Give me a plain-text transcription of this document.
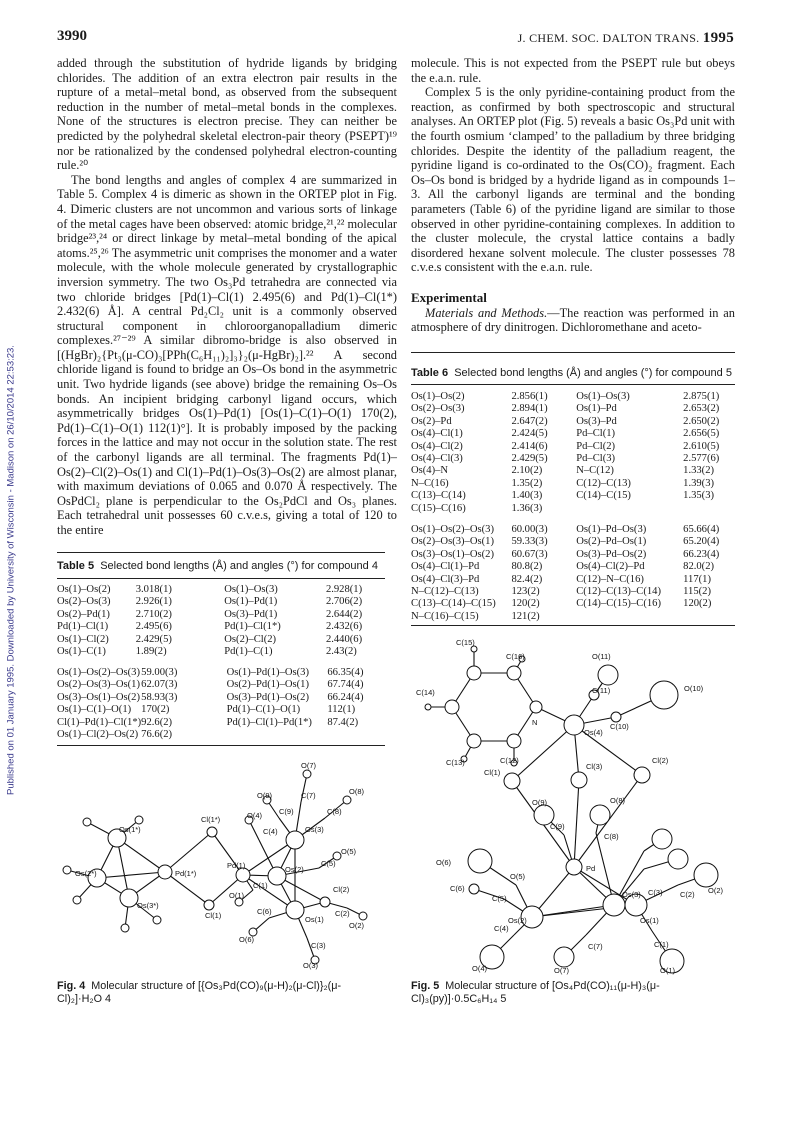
Published on 01 January 1995. Downloaded by University of Wisconsin - Madison on 26/10/2014 22:53:23.
3990	J. CHEM. SOC. DALTON TRANS. 1995

added through the substitution of hydride ligands by bridging chlorides. The addition of an extra electron pair results in the rupture of a metal–metal bond, as observed from the subsequent reduction in the number of metal–metal bonds in the complexes. None of the structures is electron precise. They can neither be predicted by the polyhedral skeletal electron-pair theory (PSEPT)¹⁹ nor be rationalized by the condensed polyhedral electron-counting rule.²⁰

The bond lengths and angles of complex 4 are summarized in Table 5. Complex 4 is dimeric as shown in the ORTEP plot in Fig. 4. Dimeric clusters are not uncommon and various sorts of linkage of the metal cages have been observed: atomic bridge,²¹,²² molecular bridge²³,²⁴ or direct linkage by metal–metal bonding of the apical atoms.²⁵,²⁶ The asymmetric unit comprises the monomer and a water molecule, with the whole molecule generated by crystallographic inversion symmetry. The two Os₃Pd tetrahedra are connected via two chloride bridges [Pd(1)–Cl(1) 2.495(6) and Pd(1)–Cl(1*) 2.432(6) Å]. A central Pd₂Cl₂ unit is a commonly observed structural component in chloroorganopalladium dimeric complexes.²⁷⁻²⁹ A similar dibromo-bridge is also observed in [(HgBr)₂{Pt₃(μ-CO)₃[PPh(C₆H₁₁)₂]₃}₂(μ-HgBr)₂].²² A second chloride ligand is found to bridge an Os–Os bond in the asymmetric unit. Two hydride ligands (see above) bridge the remaining Os–Os bonds. An incipient bridging carbonyl ligand occurs, which asymmetrically bridges Os(1)–Pd(1) [Os(1)–C(1)–O(1) 170(2), Pd(1)–C(1)–O(1) 112(1)°]. It is probably imposed by the packing forces in the lattice and may not occur in the solution state. The rest of the carbonyl ligands are all terminal. The fragments Pd(1)–Os(2)–Cl(2)–Os(1) and Cl(1)–Pd(1)–Os(3)–Os(2) are almost planar, with maximum deviations of 0.065 and 0.070 Å respectively. The OsPdCl₂ plane is perpendicular to the Os₂PdCl and Os₃ planes. Each tetrahedral unit possesses 60 c.v.e.s, giving a total of 120 to the entire

molecule. This is not expected from the PSEPT rule but obeys the e.a.n. rule.

Complex 5 is the only pyridine-containing product from the reaction, as confirmed by both spectroscopic and structural analyses. An ORTEP plot (Fig. 5) reveals a basic Os₃Pd unit with the fourth osmium ‘clamped’ to the palladium by three bridging chlorides. Despite the identity of the palladium reagent, the pyridine ligand is co-ordinated to the Os(CO)₂ fragment. Each Os–Os bond is bridged by a hydride ligand as in compounds 1–3. All the carbonyl ligands are terminal and the bonding parameters (Table 6) of the pyridine ligand are similar to those observed in other pyridine-containing complexes. In addition to the cluster molecule, the crystal lattice contains a badly disordered hexane solvent molecule. The cluster possesses 78 c.v.e.s consistent with the e.a.n. rule.

Experimental

Materials and Methods.—The reaction was performed in an atmosphere of dry dinitrogen. Dichloromethane and aceto-

Table 6 Selected bond lengths (Å) and angles (°) for compound 5
Os(1)–Os(2)	2.856(1)	Os(1)–Os(3)	2.875(1)
Os(2)–Os(3)	2.894(1)	Os(1)–Pd	2.653(2)
Os(2)–Pd	2.647(2)	Os(3)–Pd	2.650(2)
Os(4)–Cl(1)	2.424(5)	Pd–Cl(1)	2.656(5)
Os(4)–Cl(2)	2.414(6)	Pd–Cl(2)	2.610(5)
Os(4)–Cl(3)	2.429(5)	Pd–Cl(3)	2.577(6)
Os(4)–N	2.10(2)	N–C(12)	1.33(2)
N–C(16)	1.35(2)	C(12)–C(13)	1.39(3)
C(13)–C(14)	1.40(3)	C(14)–C(15)	1.35(3)
C(15)–C(16)	1.36(3)		
Os(1)–Os(2)–Os(3)	60.00(3)	Os(1)–Pd–Os(3)	65.66(4)
Os(2)–Os(3)–Os(1)	59.33(3)	Os(2)–Pd–Os(1)	65.20(4)
Os(3)–Os(1)–Os(2)	60.67(3)	Os(3)–Pd–Os(2)	66.23(4)
Os(4)–Cl(1)–Pd	80.8(2)	Os(4)–Cl(2)–Pd	82.0(2)
Os(4)–Cl(3)–Pd	82.4(2)	C(12)–N–C(16)	117(1)
N–C(12)–C(13)	123(2)	C(12)–C(13)–C(14)	115(2)
C(13)–C(14)–C(15)	120(2)	C(14)–C(15)–C(16)	120(2)
N–C(16)–C(15)	121(2)		
Table 5 Selected bond lengths (Å) and angles (°) for compound 4
Os(1)–Os(2)	3.018(1)	Os(1)–Os(3)	2.928(1)
Os(2)–Os(3)	2.926(1)	Os(1)–Pd(1)	2.706(2)
Os(2)–Pd(1)	2.710(2)	Os(3)–Pd(1)	2.644(2)
Pd(1)–Cl(1)	2.495(6)	Pd(1)–Cl(1*)	2.432(6)
Os(1)–Cl(2)	2.429(5)	Os(2)–Cl(2)	2.440(6)
Os(1)–C(1)	1.89(2)	Pd(1)–C(1)	2.43(2)
Os(1)–Os(2)–Os(3)	59.00(3)	Os(1)–Pd(1)–Os(3)	66.35(4)
Os(2)–Os(3)–Os(1)	62.07(3)	Os(2)–Pd(1)–Os(1)	67.74(4)
Os(3)–Os(1)–Os(2)	58.93(3)	Os(3)–Pd(1)–Os(2)	66.24(4)
Os(1)–C(1)–O(1)	170(2)	Pd(1)–C(1)–O(1)	112(1)
Cl(1)–Pd(1)–Cl(1*)	92.6(2)	Pd(1)–Cl(1)–Pd(1*)	87.4(2)
Os(1)–Cl(2)–Os(2)	76.6(2)		
Os(1*)
Os(2*)
Os(3*)
Pd(1*)
Cl(1*)
Cl(1)
Pd(1)
O(4)
C(4)
C(7)
O(7)
O(9)
C(9)	C(8)
O(8)
Os(3)
Os(2)
O(5)
C(5)
Cl(2)
Os(1)
C(1)
O(1)
C(2)
O(2)
C(6)
O(6)
C(3)
O(3)
Fig. 4 Molecular structure of [{Os₃Pd(CO)₉(μ-H)₂(μ-Cl)}₂(μ-Cl)₂]·H₂O 4
C(15)
C(16)	O(11)
C(14)
N
C(11)	O(10)
C(10)
C(13)	C(12)
Os(4)
Cl(1)
Cl(3)
Cl(2)
O(9)
Pd
O(8)
C(9)
C(8)
O(6)
C(6)
O(5)
C(5)	Os(3) C(3)
Os(2)	Os(1)
C(2) O(2)
C(4)
C(7)	C(1)
O(4)	O(7)	O(1)
Fig. 5 Molecular structure of [Os₄Pd(CO)₁₁(μ-H)₃(μ-Cl)₃(py)]·0.5C₆H₁₄ 5
